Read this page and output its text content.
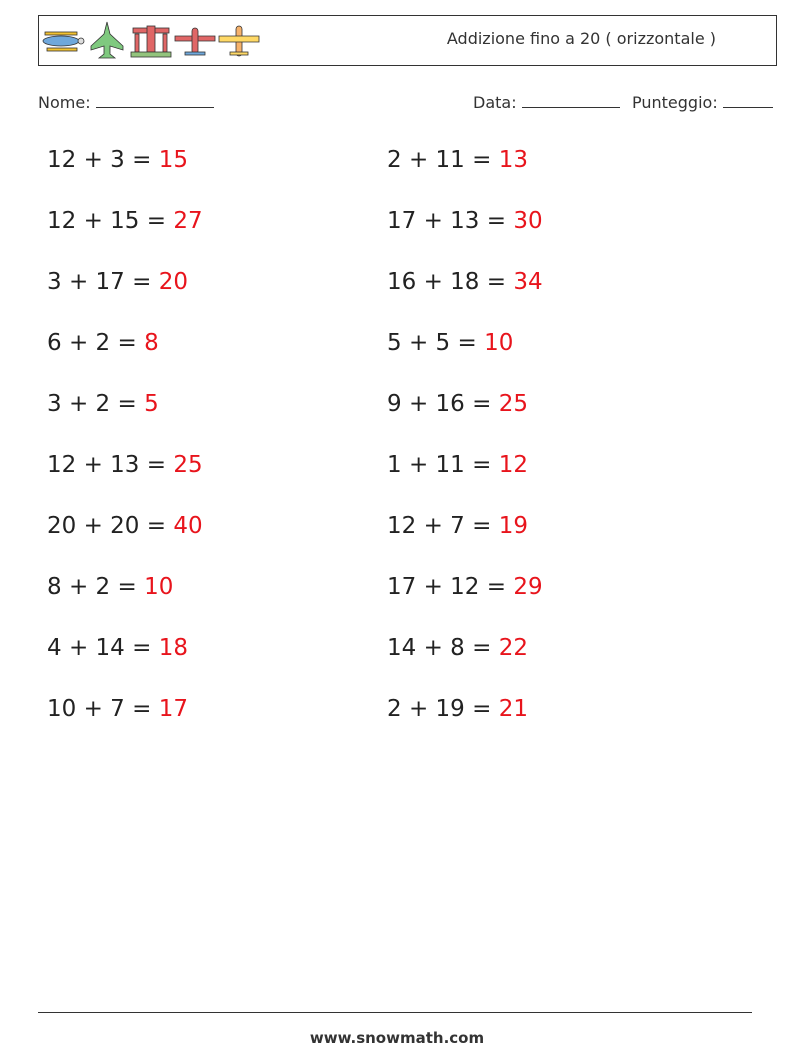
Addizione fino a 20 ( orizzontale )
Nome:	Data:	Punteggio:
12 + 3 = 15
12 + 15 = 27
3 + 17 = 20
6 + 2 = 8
3 + 2 = 5
12 + 13 = 25
20 + 20 = 40
8 + 2 = 10
4 + 14 = 18
10 + 7 = 17
2 + 11 = 13
17 + 13 = 30
16 + 18 = 34
5 + 5 = 10
9 + 16 = 25
1 + 11 = 12
12 + 7 = 19
17 + 12 = 29
14 + 8 = 22
2 + 19 = 21
www.snowmath.com
